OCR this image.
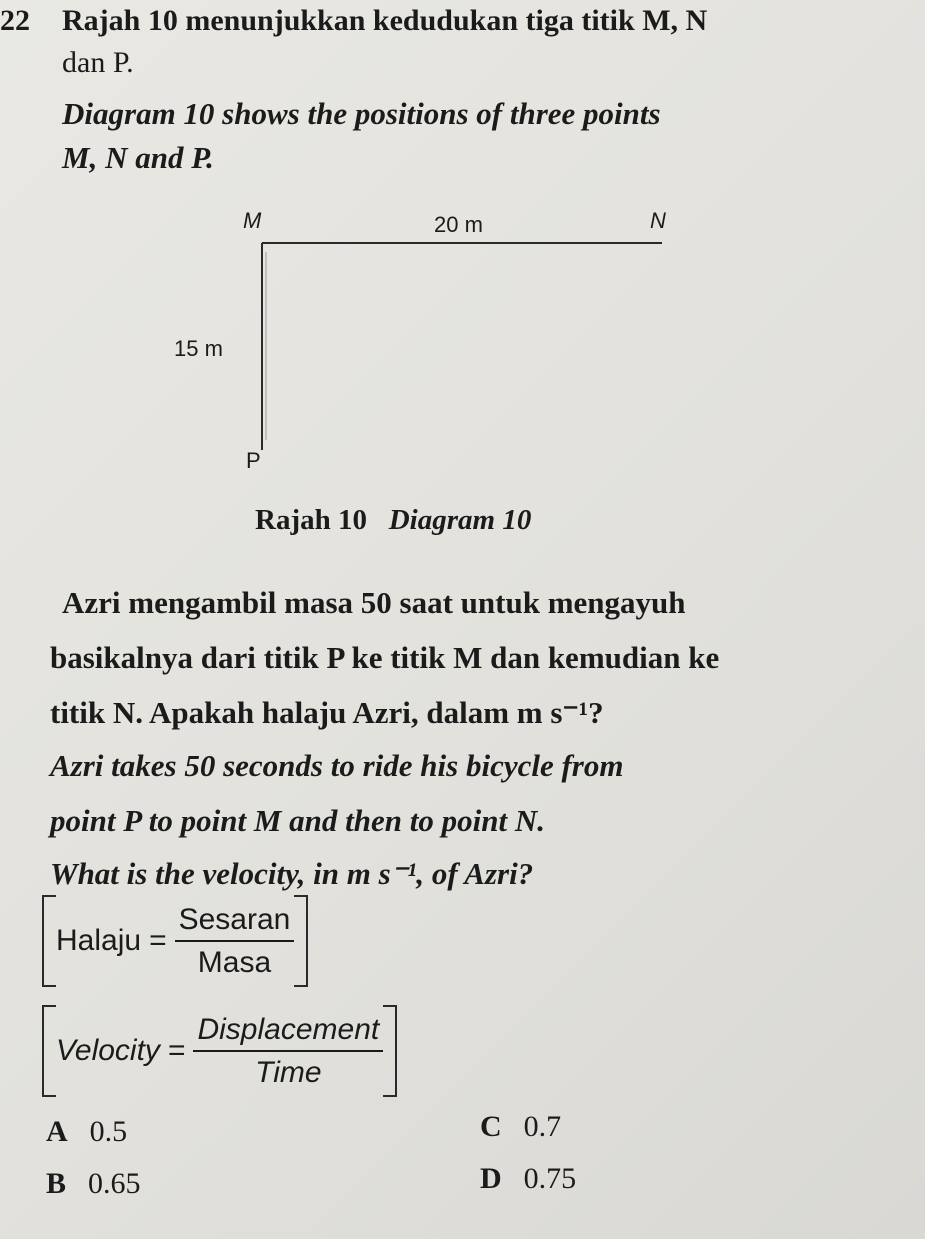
22 Rajah 10 menunjukkan kedudukan tiga titik M, N
dan P.
Diagram 10 shows the positions of three points
M, N and P.
M	N
20 m
15 m
P
Rajah 10 Diagram 10
Azri mengambil masa 50 saat untuk mengayuh
basikalnya dari titik P ke titik M dan kemudian ke
titik N. Apakah halaju Azri, dalam m s⁻¹?
Azri takes 50 seconds to ride his bicycle from
point P to point M and then to point N.
What is the velocity, in m s⁻¹, of Azri?
Halaju = $\frac{\text{Sesaran}}{\text{Masa}}$
Velocity = $\frac{\text{Displacement}}{\text{Time}}$
A 0.5
B 0.65
C 0.7
D 0.75
